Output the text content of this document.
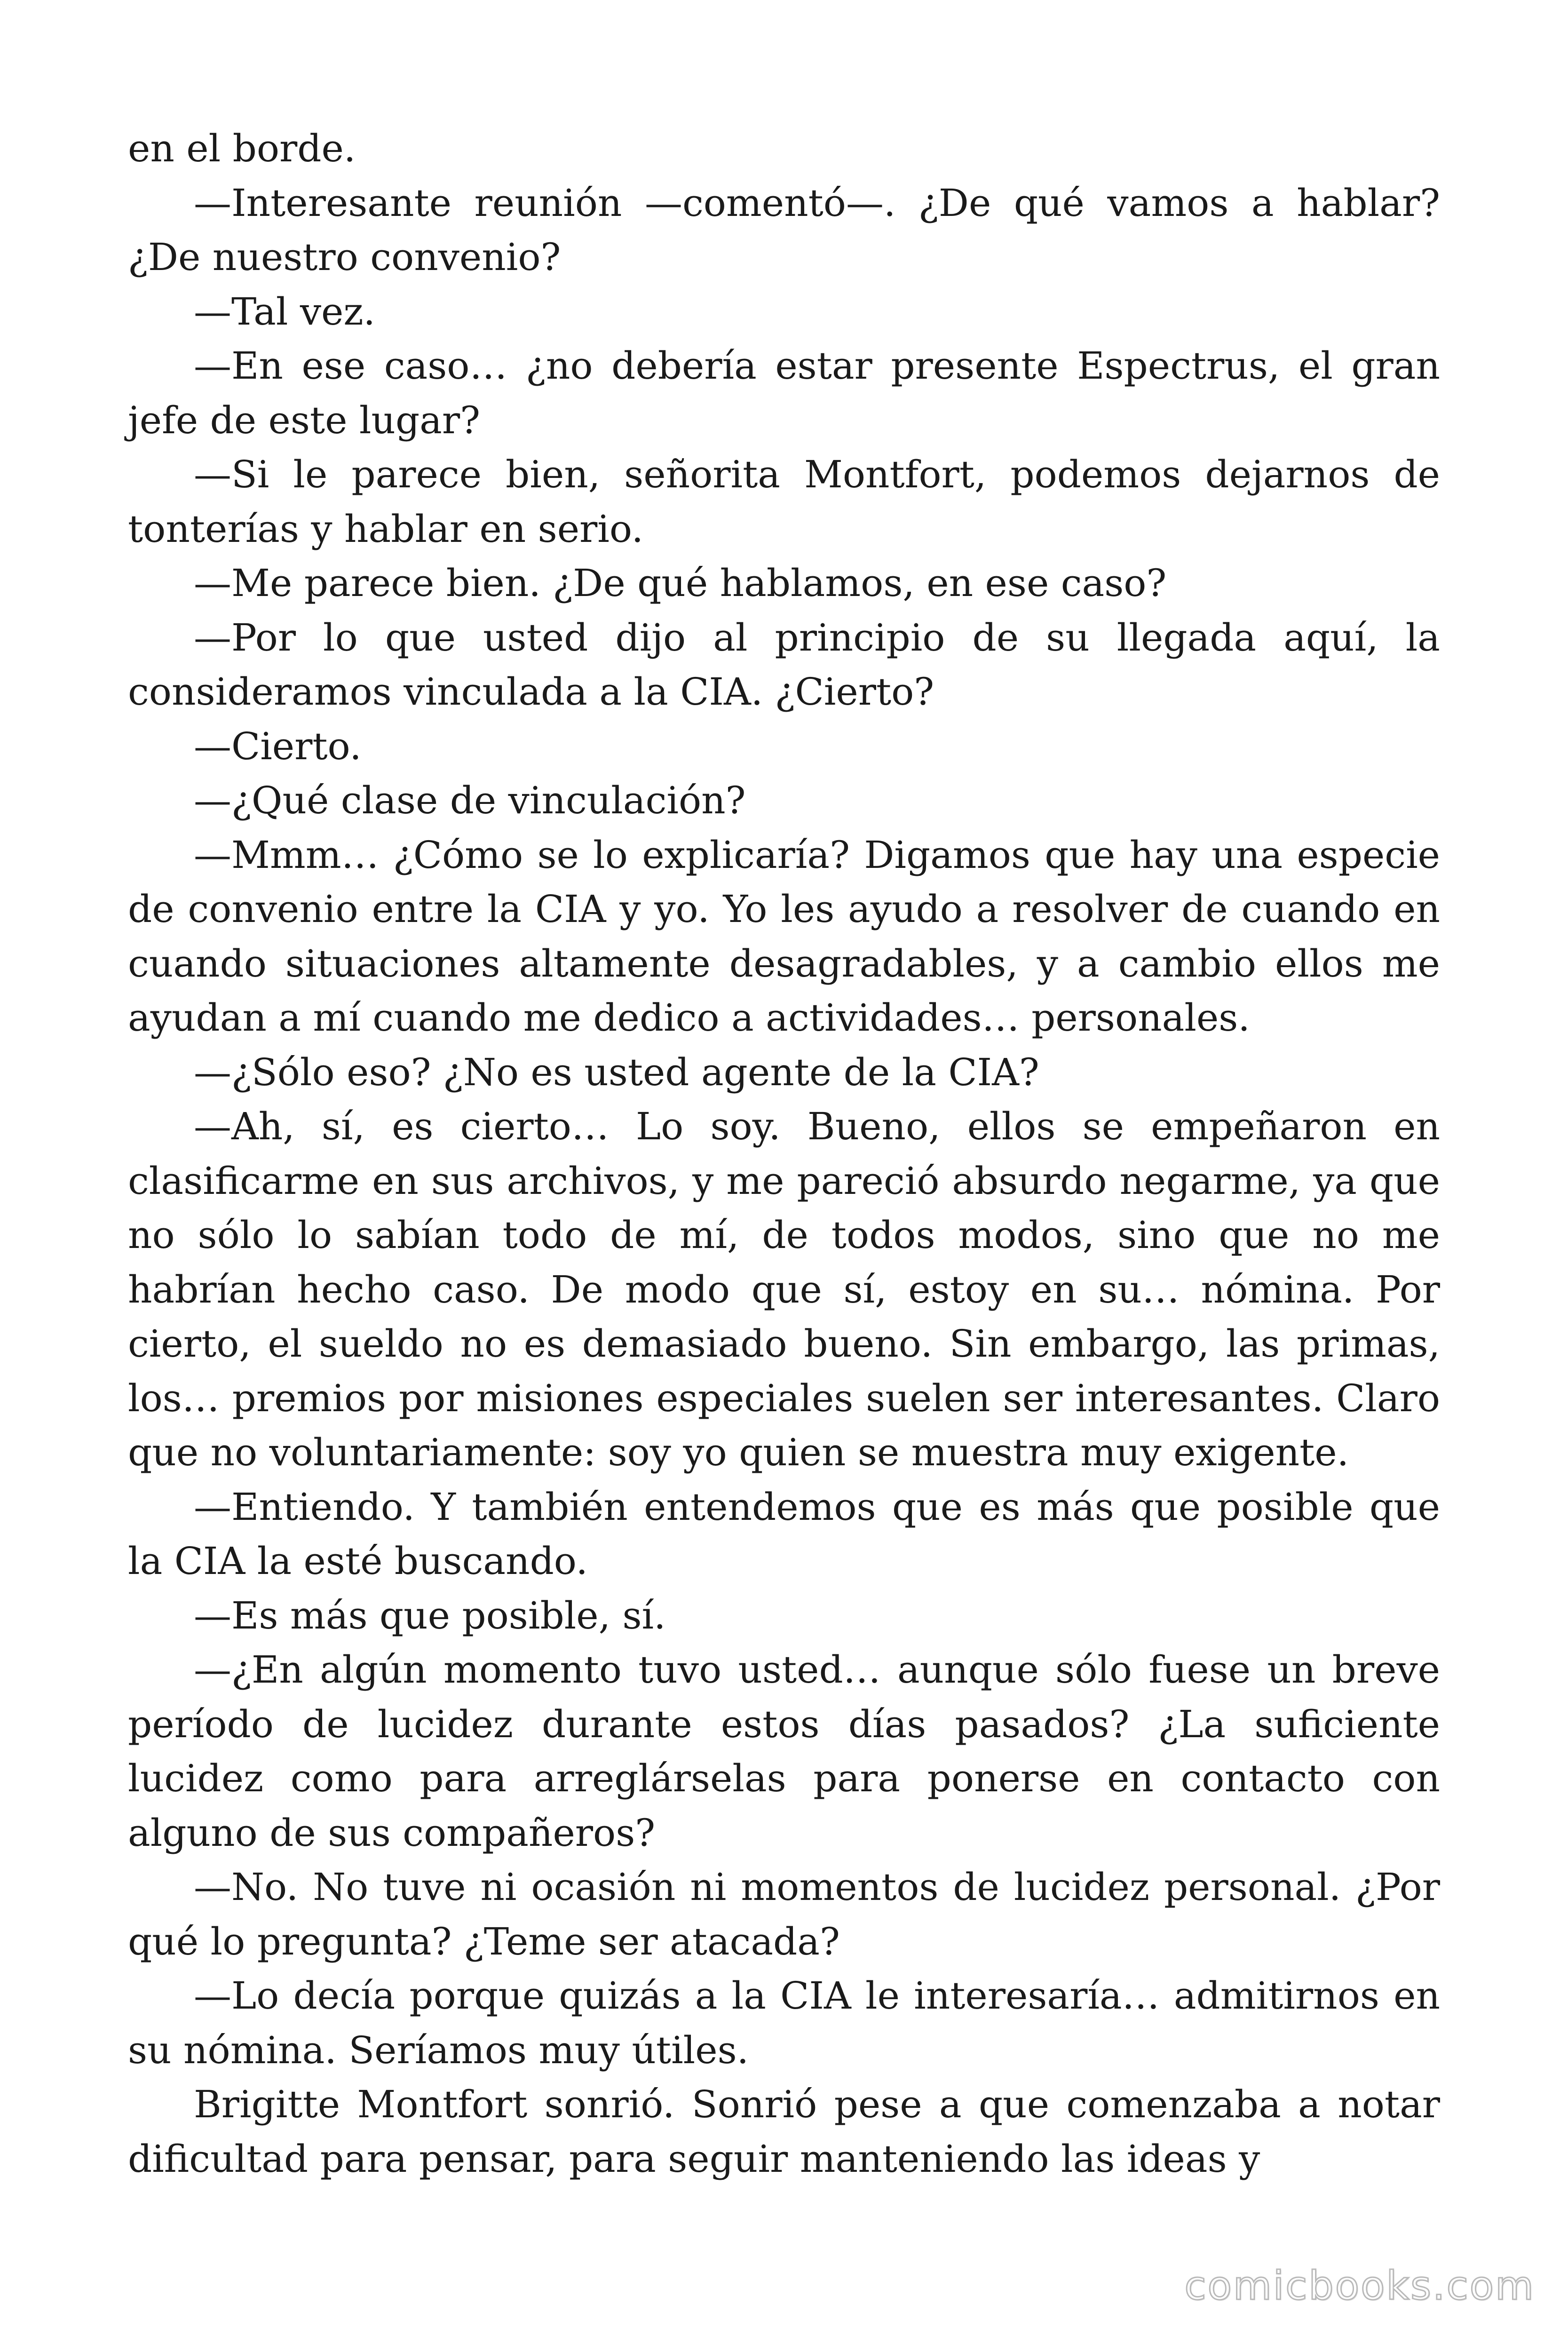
en el borde.

—Interesante reunión —comentó—. ¿De qué vamos a hablar? ¿De nuestro convenio?

—Tal vez.

—En ese caso… ¿no debería estar presente Espectrus, el gran jefe de este lugar?

—Si le parece bien, señorita Montfort, podemos dejarnos de tonterías y hablar en serio.

—Me parece bien. ¿De qué hablamos, en ese caso?

—Por lo que usted dijo al principio de su llegada aquí, la consideramos vinculada a la CIA. ¿Cierto?

—Cierto.

—¿Qué clase de vinculación?

—Mmm… ¿Cómo se lo explicaría? Digamos que hay una especie de convenio entre la CIA y yo. Yo les ayudo a resolver de cuando en cuando situaciones altamente desagradables, y a cambio ellos me ayudan a mí cuando me dedico a actividades… personales.

—¿Sólo eso? ¿No es usted agente de la CIA?

—Ah, sí, es cierto… Lo soy. Bueno, ellos se empeñaron en clasificarme en sus archivos, y me pareció absurdo negarme, ya que no sólo lo sabían todo de mí, de todos modos, sino que no me habrían hecho caso. De modo que sí, estoy en su… nómina. Por cierto, el sueldo no es demasiado bueno. Sin embargo, las primas, los… premios por misiones especiales suelen ser interesantes. Claro que no voluntariamente: soy yo quien se muestra muy exigente.

—Entiendo. Y también entendemos que es más que posible que la CIA la esté buscando.

—Es más que posible, sí.

—¿En algún momento tuvo usted… aunque sólo fuese un breve período de lucidez durante estos días pasados? ¿La suficiente lucidez como para arreglárselas para ponerse en contacto con alguno de sus compañeros?

—No. No tuve ni ocasión ni momentos de lucidez personal. ¿Por qué lo pregunta? ¿Teme ser atacada?

—Lo decía porque quizás a la CIA le interesaría… admitirnos en su nómina. Seríamos muy útiles.

Brigitte Montfort sonrió. Sonrió pese a que comenzaba a notar dificultad para pensar, para seguir manteniendo las ideas y

comicbooks.com
